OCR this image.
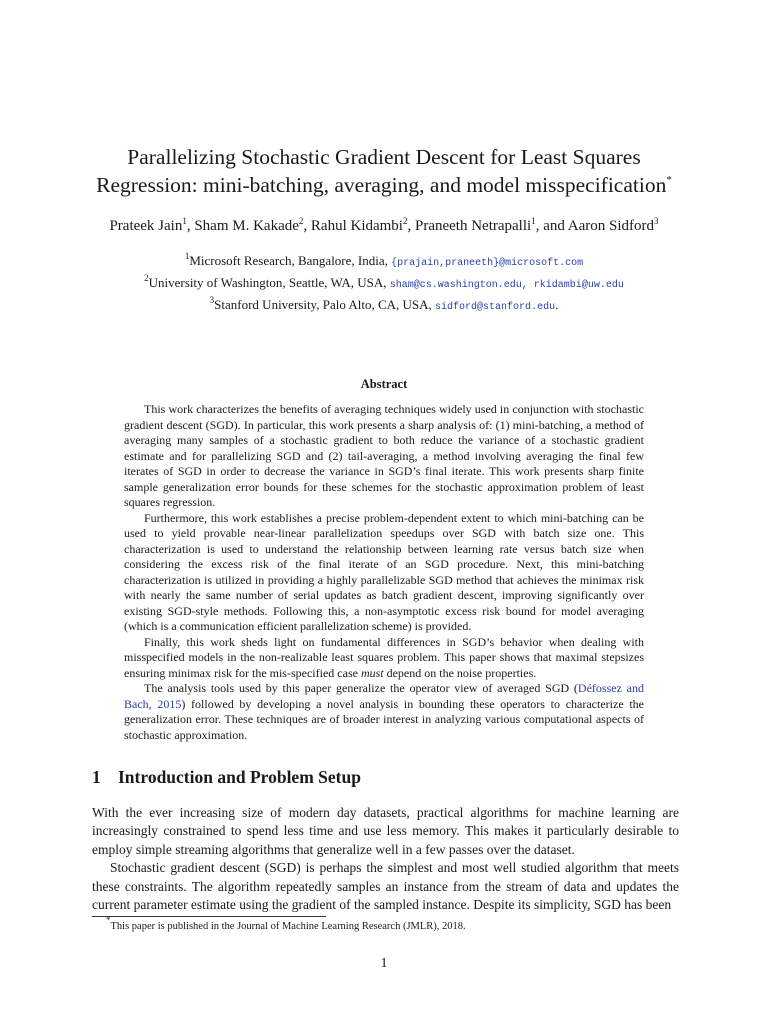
Parallelizing Stochastic Gradient Descent for Least Squares
Regression: mini-batching, averaging, and model misspecification*
Prateek Jain$^1$, Sham M. Kakade$^2$, Rahul Kidambi$^2$, Praneeth Netrapalli$^1$, and Aaron Sidford$^3$
$^1$Microsoft Research, Bangalore, India, {prajain,praneeth}@microsoft.com
$^2$University of Washington, Seattle, WA, USA, sham@cs.washington.edu, rkidambi@uw.edu
$^3$Stanford University, Palo Alto, CA, USA, sidford@stanford.edu.
Abstract

This work characterizes the benefits of averaging techniques widely used in conjunction with stochastic gradient descent (SGD). In particular, this work presents a sharp analysis of: (1) mini-batching, a method of averaging many samples of a stochastic gradient to both reduce the variance of a stochastic gradient estimate and for parallelizing SGD and (2) tail-averaging, a method involving averaging the final few iterates of SGD in order to decrease the variance in SGD’s final iterate. This work presents sharp finite sample generalization error bounds for these schemes for the stochastic approximation problem of least squares regression.

Furthermore, this work establishes a precise problem-dependent extent to which mini-batching can be used to yield provable near-linear parallelization speedups over SGD with batch size one. This characterization is used to understand the relationship between learning rate versus batch size when considering the excess risk of the final iterate of an SGD procedure. Next, this mini-batching characterization is utilized in providing a highly parallelizable SGD method that achieves the minimax risk with nearly the same number of serial updates as batch gradient descent, improving significantly over existing SGD-style methods. Following this, a non-asymptotic excess risk bound for model averaging (which is a communication efficient parallelization scheme) is provided.

Finally, this work sheds light on fundamental differences in SGD’s behavior when dealing with misspecified models in the non-realizable least squares problem. This paper shows that maximal stepsizes ensuring minimax risk for the mis-specified case must depend on the noise properties.

The analysis tools used by this paper generalize the operator view of averaged SGD (Défossez and Bach, 2015) followed by developing a novel analysis in bounding these operators to characterize the generalization error. These techniques are of broader interest in analyzing various computational aspects of stochastic approximation.

1 Introduction and Problem Setup

With the ever increasing size of modern day datasets, practical algorithms for machine learning are increasingly constrained to spend less time and use less memory. This makes it particularly desirable to employ simple streaming algorithms that generalize well in a few passes over the dataset.

Stochastic gradient descent (SGD) is perhaps the simplest and most well studied algorithm that meets these constraints. The algorithm repeatedly samples an instance from the stream of data and updates the current parameter estimate using the gradient of the sampled instance. Despite its simplicity, SGD has been

*This paper is published in the Journal of Machine Learning Research (JMLR), 2018.
1
